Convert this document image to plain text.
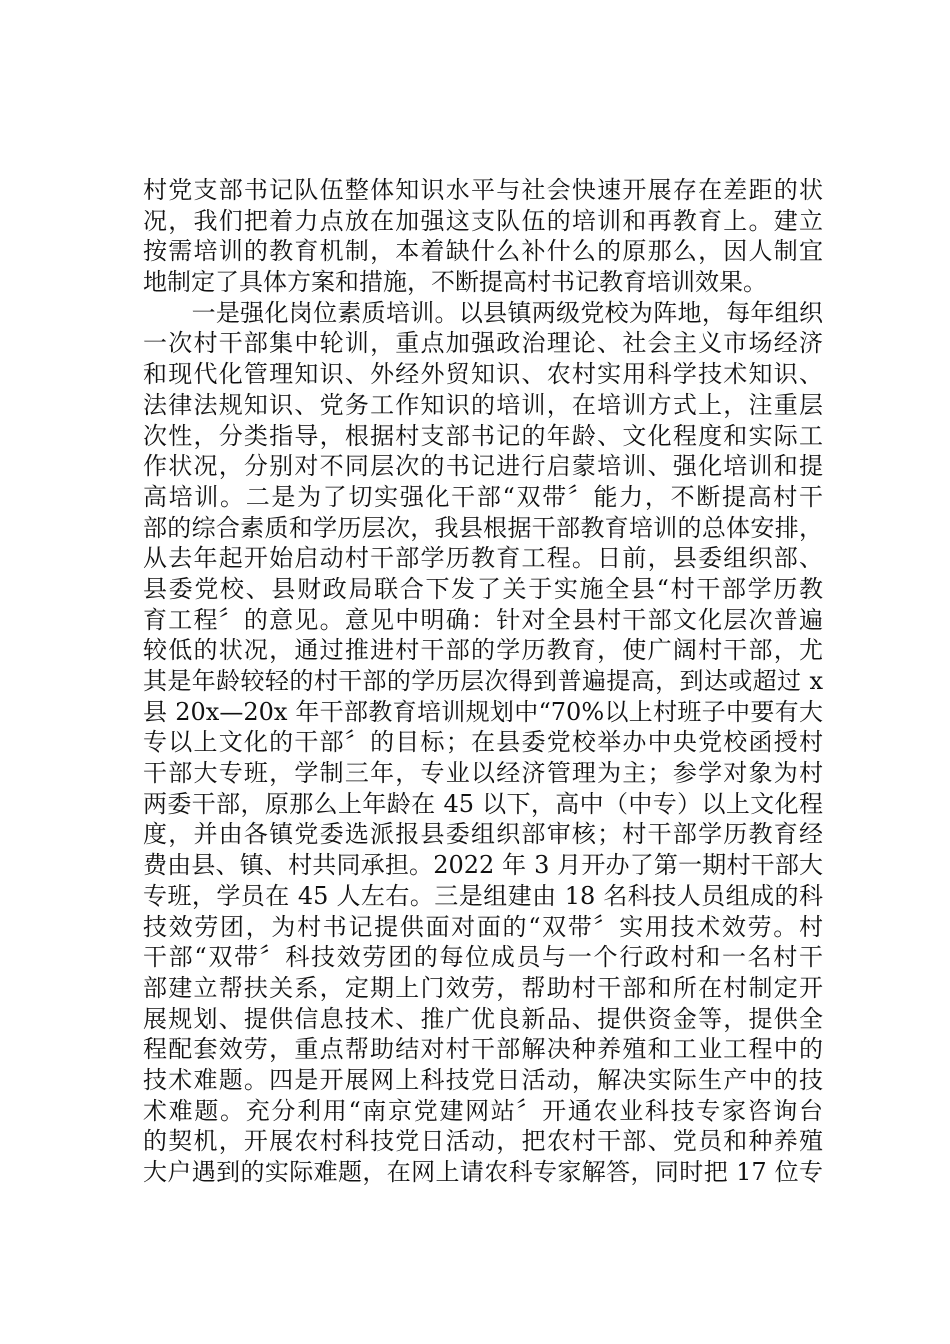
村党支部书记队伍整体知识水平与社会快速开展存在差距的状
况，我们把着力点放在加强这支队伍的培训和再教育上。建立
按需培训的教育机制，本着缺什么补什么的原那么，因人制宜
地制定了具体方案和措施，不断提高村书记教育培训效果。
　　一是强化岗位素质培训。以县镇两级党校为阵地，每年组织
一次村干部集中轮训，重点加强政治理论、社会主义市场经济
和现代化管理知识、外经外贸知识、农村实用科学技术知识、
法律法规知识、党务工作知识的培训，在培训方式上，注重层
次性，分类指导，根据村支部书记的年龄、文化程度和实际工
作状况，分别对不同层次的书记进行启蒙培训、强化培训和提
高培训。二是为了切实强化干部“双带〞能力，不断提高村干
部的综合素质和学历层次，我县根据干部教育培训的总体安排，
从去年起开始启动村干部学历教育工程。日前，县委组织部、
县委党校、县财政局联合下发了关于实施全县“村干部学历教
育工程〞的意见。意见中明确：针对全县村干部文化层次普遍
较低的状况，通过推进村干部的学历教育，使广阔村干部，尤
其是年龄较轻的村干部的学历层次得到普遍提高，到达或超过 x
县 20x—20x 年干部教育培训规划中“70%以上村班子中要有大
专以上文化的干部〞的目标；在县委党校举办中央党校函授村
干部大专班，学制三年，专业以经济管理为主；参学对象为村
两委干部，原那么上年龄在 45 以下，高中（中专）以上文化程
度，并由各镇党委选派报县委组织部审核；村干部学历教育经
费由县、镇、村共同承担。2022 年 3 月开办了第一期村干部大
专班，学员在 45 人左右。三是组建由 18 名科技人员组成的科
技效劳团，为村书记提供面对面的“双带〞实用技术效劳。村
干部“双带〞科技效劳团的每位成员与一个行政村和一名村干
部建立帮扶关系，定期上门效劳，帮助村干部和所在村制定开
展规划、提供信息技术、推广优良新品、提供资金等，提供全
程配套效劳，重点帮助结对村干部解决种养殖和工业工程中的
技术难题。四是开展网上科技党日活动，解决实际生产中的技
术难题。充分利用“南京党建网站〞开通农业科技专家咨询台
的契机，开展农村科技党日活动，把农村干部、党员和种养殖
大户遇到的实际难题，在网上请农科专家解答，同时把 17 位专
